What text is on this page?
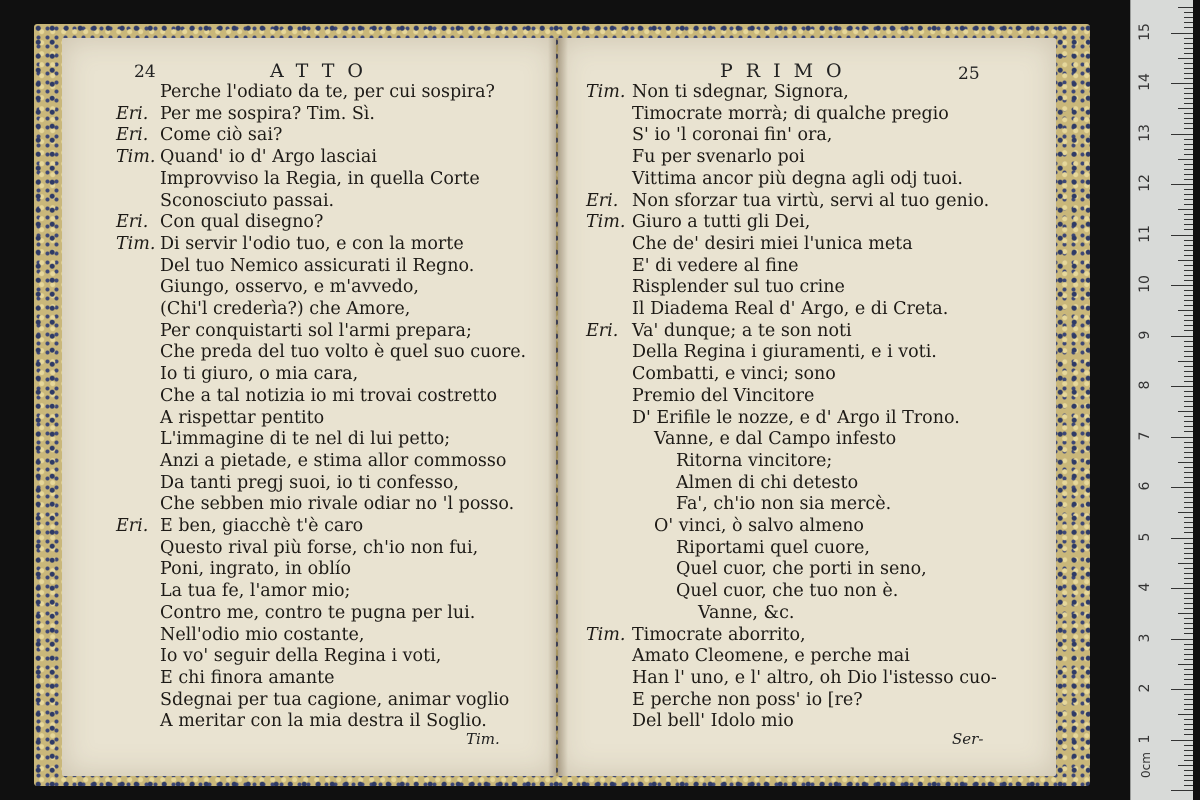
24	ATTO
Perche l'odiato da te, per cui sospira?
Eri. Per me sospira? Tim. Sì.
Eri. Come ciò sai?
Tim. Quand' io d' Argo lasciai
Improvviso la Regia, in quella Corte
Sconosciuto passai.
Eri. Con qual disegno?
Tim. Di servir l'odio tuo, e con la morte
Del tuo Nemico assicurati il Regno.
Giungo, osservo, e m'avvedo,
(Chi'l crederìa?) che Amore,
Per conquistarti sol l'armi prepara;
Che preda del tuo volto è quel suo cuore.
Io ti giuro, o mia cara,
Che a tal notizia io mi trovai costretto
A rispettar pentito
L'immagine di te nel di lui petto;
Anzi a pietade, e stima allor commosso
Da tanti pregj suoi, io ti confesso,
Che sebben mio rivale odiar no 'l posso.
Eri. E ben, giacchè t'è caro
Questo rival più forse, ch'io non fui,
Poni, ingrato, in oblío
La tua fe, l'amor mio;
Contro me, contro te pugna per lui.
Nell'odio mio costante,
Io vo' seguir della Regina i voti,
E chi finora amante
Sdegnai per tua cagione, animar voglio
A meritar con la mia destra il Soglio.
Tim.
PRIMO	25
Tim. Non ti sdegnar, Signora,
Timocrate morrà; di qualche pregio
S' io 'l coronai fin' ora,
Fu per svenarlo poi
Vittima ancor più degna agli odj tuoi.
Eri. Non sforzar tua virtù, servi al tuo genio.
Tim. Giuro a tutti gli Dei,
Che de' desiri miei l'unica meta
E' di vedere al fine
Risplender sul tuo crine
Il Diadema Real d' Argo, e di Creta.
Eri. Va' dunque; a te son noti
Della Regina i giuramenti, e i voti.
Combatti, e vinci; sono
Premio del Vincitore
D' Erifile le nozze, e d' Argo il Trono.
Vanne, e dal Campo infesto
Ritorna vincitore;
Almen di chi detesto
Fa', ch'io non sia mercè.
O' vinci, ò salvo almeno
Riportami quel cuore,
Quel cuor, che porti in seno,
Quel cuor, che tuo non è.
Vanne, &c.
Tim. Timocrate aborrito,
Amato Cleomene, e perche mai
Han l' uno, e l' altro, oh Dio l'istesso cuo-
E perche non poss' io [re?
Del bell' Idolo mio
Ser-
0cm
1
2
3
4
5
6
7
8
9
10
11
12
13
14
15
